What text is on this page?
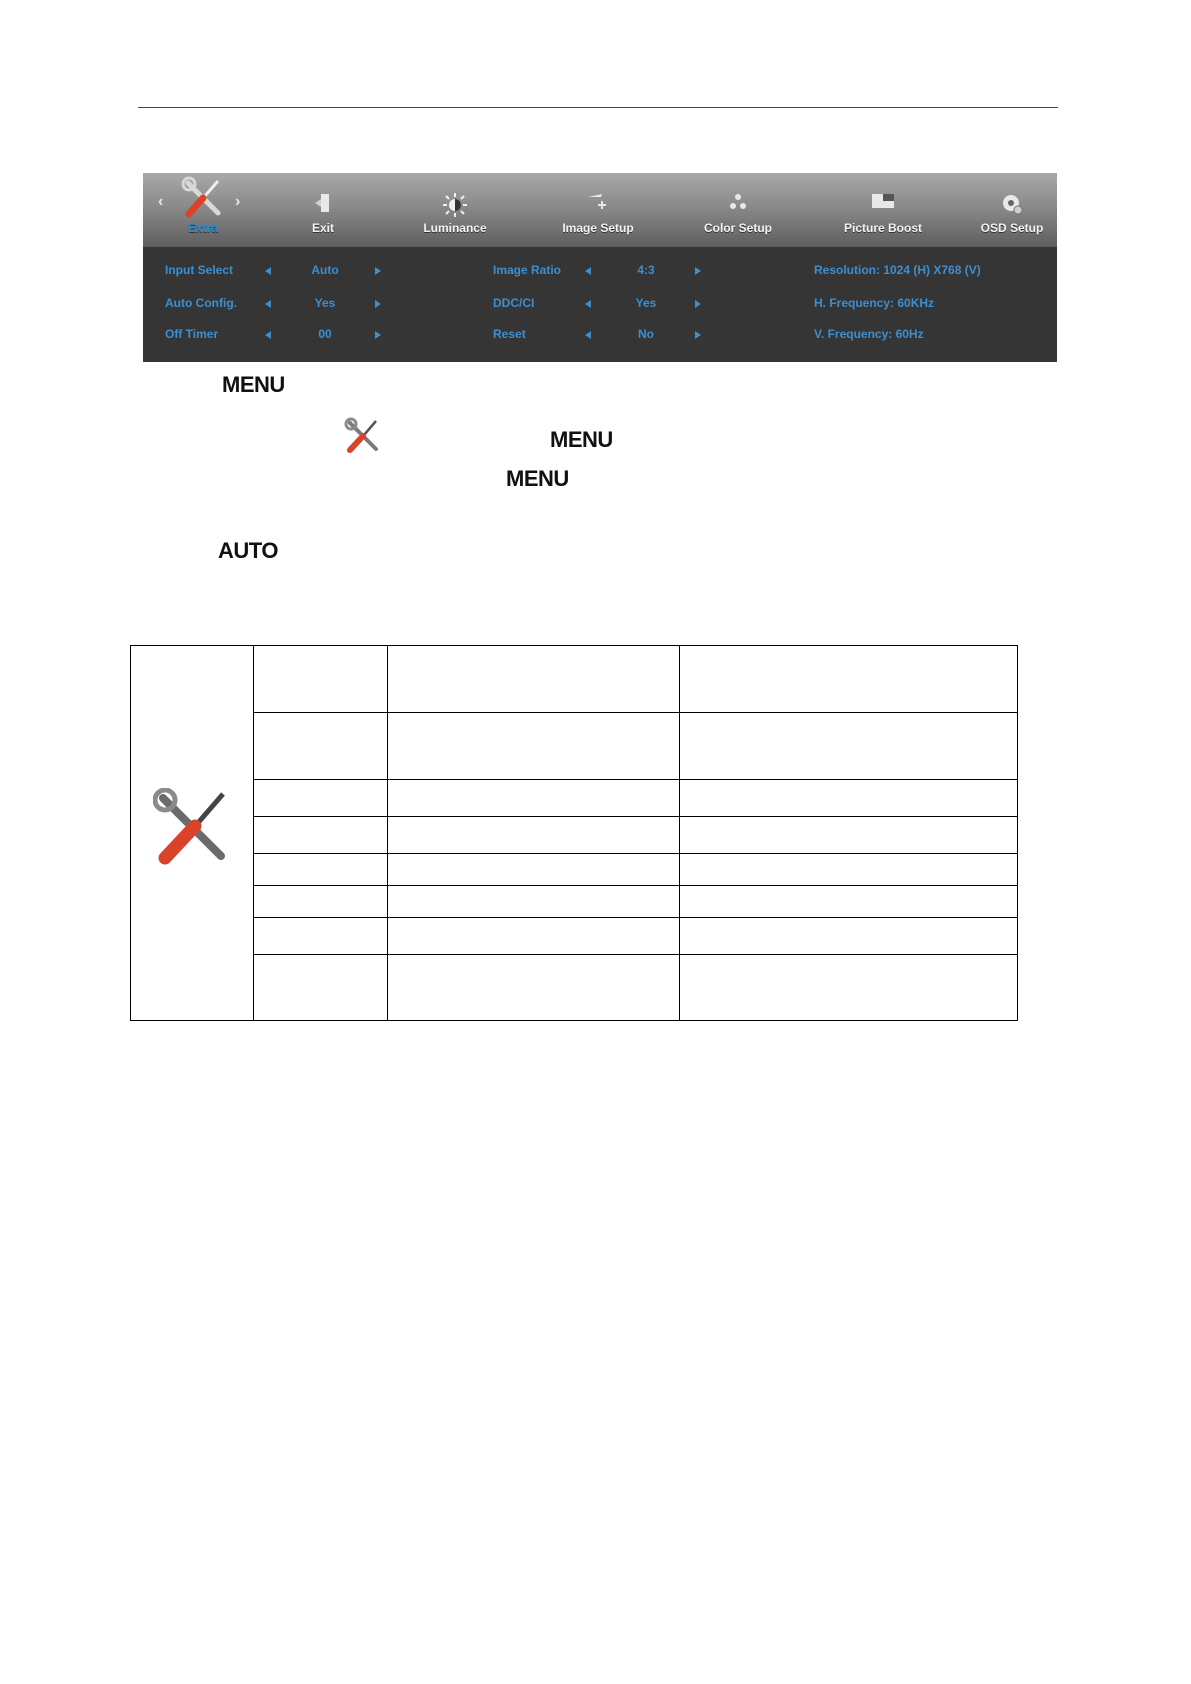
‹	›
Extra	Exit	Luminance	Image Setup	Color Setup	Picture Boost	OSD Setup
Input Select	Auto	Image Ratio	4:3	Resolution: 1024 (H) X768 (V)
Auto Config.	Yes	DDC/CI	Yes	H. Frequency: 60KHz
Off Timer	00	Reset	No	V. Frequency: 60Hz
MENU
MENU
MENU
AUTO
